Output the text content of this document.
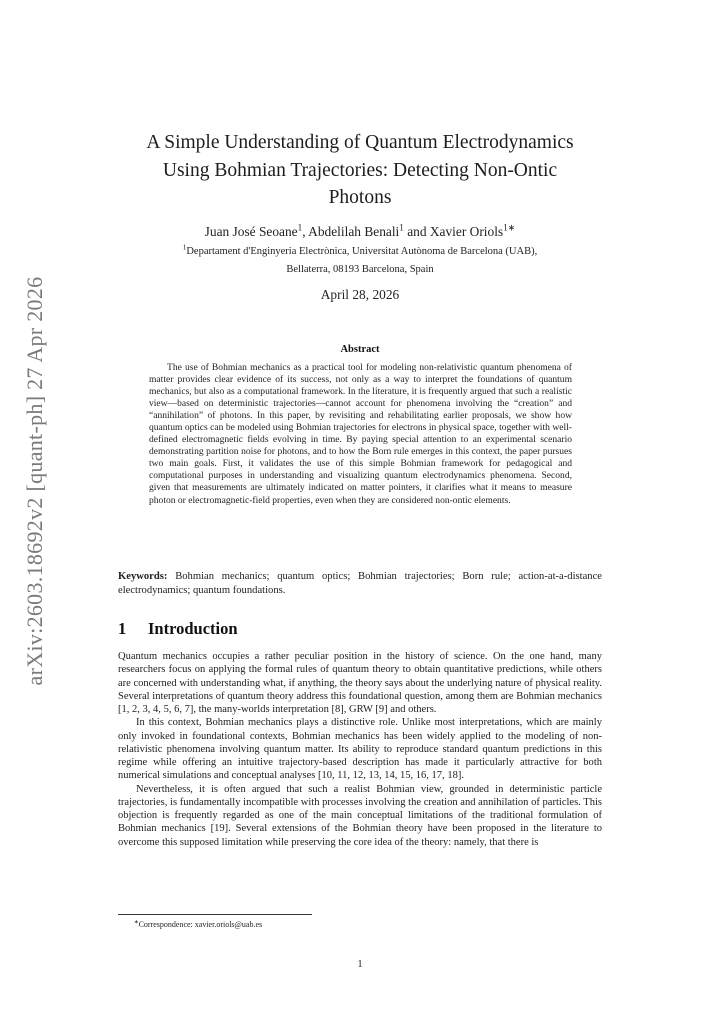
arXiv:2603.18692v2 [quant-ph] 27 Apr 2026
A Simple Understanding of Quantum Electrodynamics
Using Bohmian Trajectories: Detecting Non-Ontic
Photons
Juan José Seoane$^1$, Abdelilah Benali$^1$ and Xavier Oriols$^{1∗}$
$^1$Departament d'Enginyeria Electrònica, Universitat Autònoma de Barcelona (UAB),
Bellaterra, 08193 Barcelona, Spain
April 28, 2026
Abstract
The use of Bohmian mechanics as a practical tool for modeling non-relativistic quantum phenomena of matter provides clear evidence of its success, not only as a way to interpret the foundations of quantum mechanics, but also as a computational framework. In the literature, it is frequently argued that such a realistic view—based on deterministic trajectories—cannot account for phenomena involving the “creation” and “annihilation” of photons. In this paper, by revisiting and rehabilitating earlier proposals, we show how quantum optics can be modeled using Bohmian trajectories for electrons in physical space, together with well-defined electromagnetic fields evolving in time. By paying special attention to an experimental scenario demonstrating partition noise for photons, and to how the Born rule emerges in this context, the paper pursues two main goals. First, it validates the use of this simple Bohmian framework for pedagogical and computational purposes in understanding and visualizing quantum electrodynamics phenomena. Second, given that measurements are ultimately indicated on matter pointers, it clarifies what it means to measure photon or electromagnetic-field properties, even when they are considered non-ontic elements.
Keywords: Bohmian mechanics; quantum optics; Bohmian trajectories; Born rule; action-at-a-distance electrodynamics; quantum foundations.
1 Introduction

Quantum mechanics occupies a rather peculiar position in the history of science. On the one hand, many researchers focus on applying the formal rules of quantum theory to obtain quantitative predictions, while others are concerned with understanding what, if anything, the theory says about the underlying nature of physical reality. Several interpretations of quantum theory address this foundational question, among them are Bohmian mechanics [1, 2, 3, 4, 5, 6, 7], the many-worlds interpretation [8], GRW [9] and others.

In this context, Bohmian mechanics plays a distinctive role. Unlike most interpretations, which are mainly only invoked in foundational contexts, Bohmian mechanics has been widely applied to the modeling of non-relativistic phenomena involving quantum matter. Its ability to reproduce standard quantum predictions in this regime while offering an intuitive trajectory-based description has made it particularly attractive for both numerical simulations and conceptual analyses [10, 11, 12, 13, 14, 15, 16, 17, 18].

Nevertheless, it is often argued that such a realist Bohmian view, grounded in deterministic particle trajectories, is fundamentally incompatible with processes involving the creation and annihilation of particles. This objection is frequently regarded as one of the main conceptual limitations of the traditional formulation of Bohmian mechanics [19]. Several extensions of the Bohmian theory have been proposed in the literature to overcome this supposed limitation while preserving the core idea of the theory: namely, that there is

∗Correspondence: xavier.oriols@uab.es
1
